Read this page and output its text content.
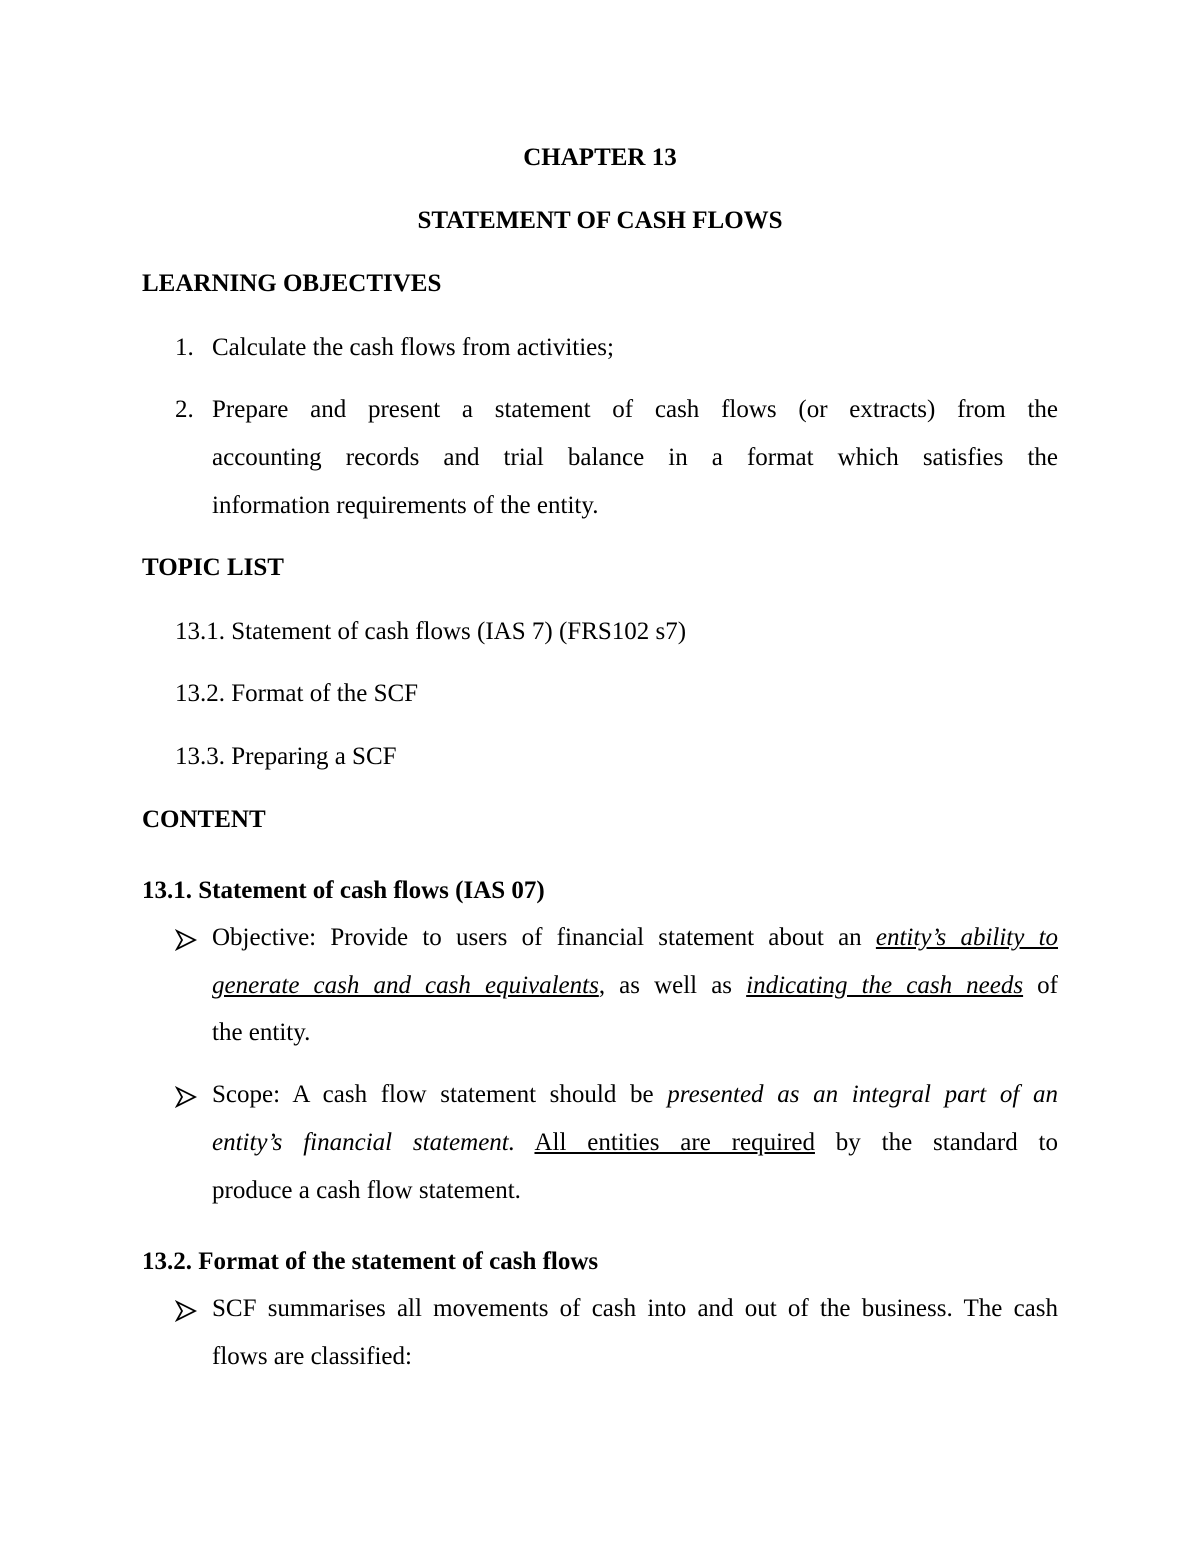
CHAPTER 13
STATEMENT OF CASH FLOWS
LEARNING OBJECTIVES
1. Calculate the cash flows from activities;
2. Prepare and present a statement of cash flows (or extracts) from the
accounting records and trial balance in a format which satisfies the
information requirements of the entity.
TOPIC LIST
13.1. Statement of cash flows (IAS 7) (FRS102 s7)
13.2. Format of the SCF
13.3. Preparing a SCF
CONTENT
13.1. Statement of cash flows (IAS 07)
Objective: Provide to users of financial statement about an entity’s ability to
generate cash and cash equivalents, as well as indicating the cash needs of
the entity.
Scope: A cash flow statement should be presented as an integral part of an
entity’s financial statement. All entities are required by the standard to
produce a cash flow statement.
13.2. Format of the statement of cash flows
SCF summarises all movements of cash into and out of the business. The cash
flows are classified:
